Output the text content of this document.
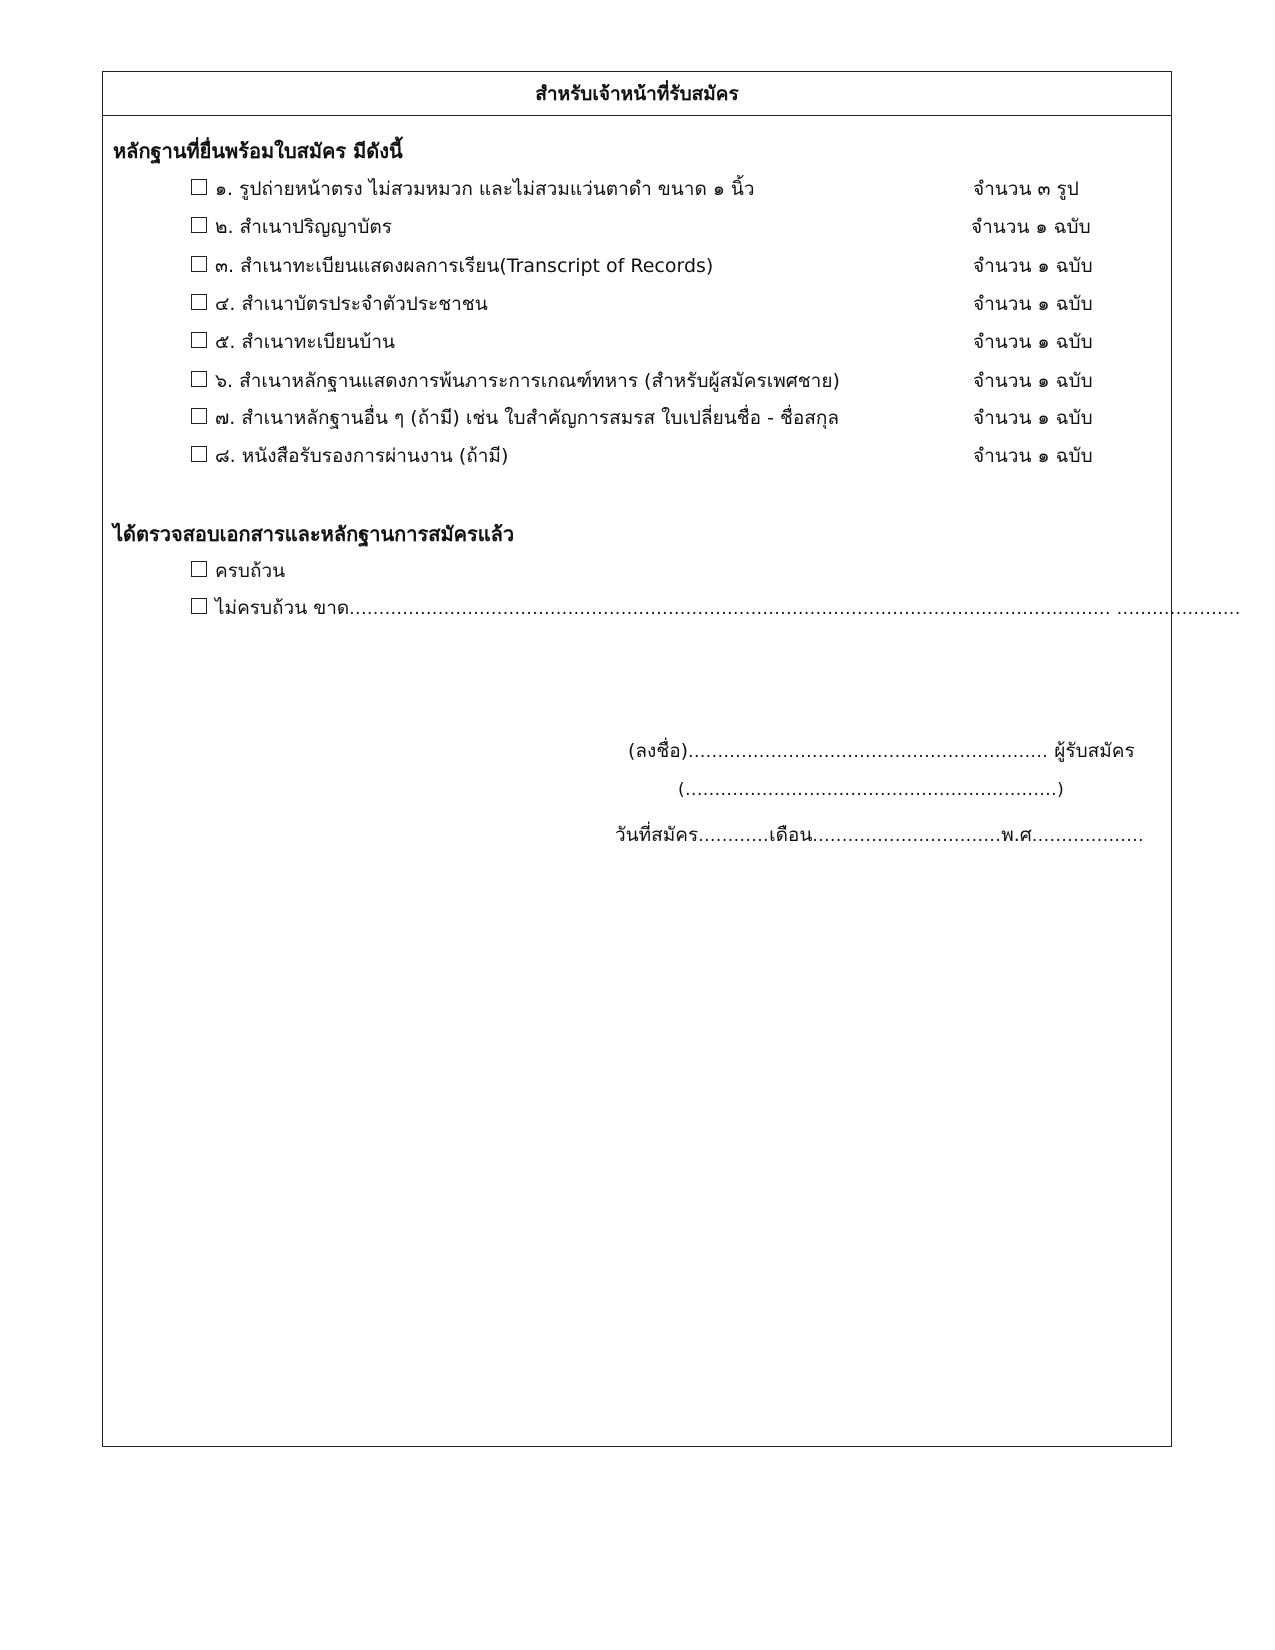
สำหรับเจ้าหน้าที่รับสมัคร
หลักฐานที่ยื่นพร้อมใบสมัคร มีดังนี้
๑. รูปถ่ายหน้าตรง ไม่สวมหมวก และไม่สวมแว่นตาดำ ขนาด ๑ นิ้ว	จำนวน ๓ รูป
๒. สำเนาปริญญาบัตร	จำนวน ๑ ฉบับ
๓. สำเนาทะเบียนแสดงผลการเรียน(Transcript of Records)	จำนวน ๑ ฉบับ
๔. สำเนาบัตรประจำตัวประชาชน	จำนวน ๑ ฉบับ
๕. สำเนาทะเบียนบ้าน	จำนวน ๑ ฉบับ
๖. สำเนาหลักฐานแสดงการพ้นภาระการเกณฑ์ทหาร (สำหรับผู้สมัครเพศชาย)	จำนวน ๑ ฉบับ
๗. สำเนาหลักฐานอื่น ๆ (ถ้ามี) เช่น ใบสำคัญการสมรส ใบเปลี่ยนชื่อ - ชื่อสกุล	จำนวน ๑ ฉบับ
๘. หนังสือรับรองการผ่านงาน (ถ้ามี)	จำนวน ๑ ฉบับ
ได้ตรวจสอบเอกสารและหลักฐานการสมัครแล้ว
ครบถ้วน
ไม่ครบถ้วน ขาด................................................................................................................................. .....................
(ลงชื่อ)............................................................. ผู้รับสมัคร
(...............................................................)
วันที่สมัคร............เดือน................................พ.ศ...................
